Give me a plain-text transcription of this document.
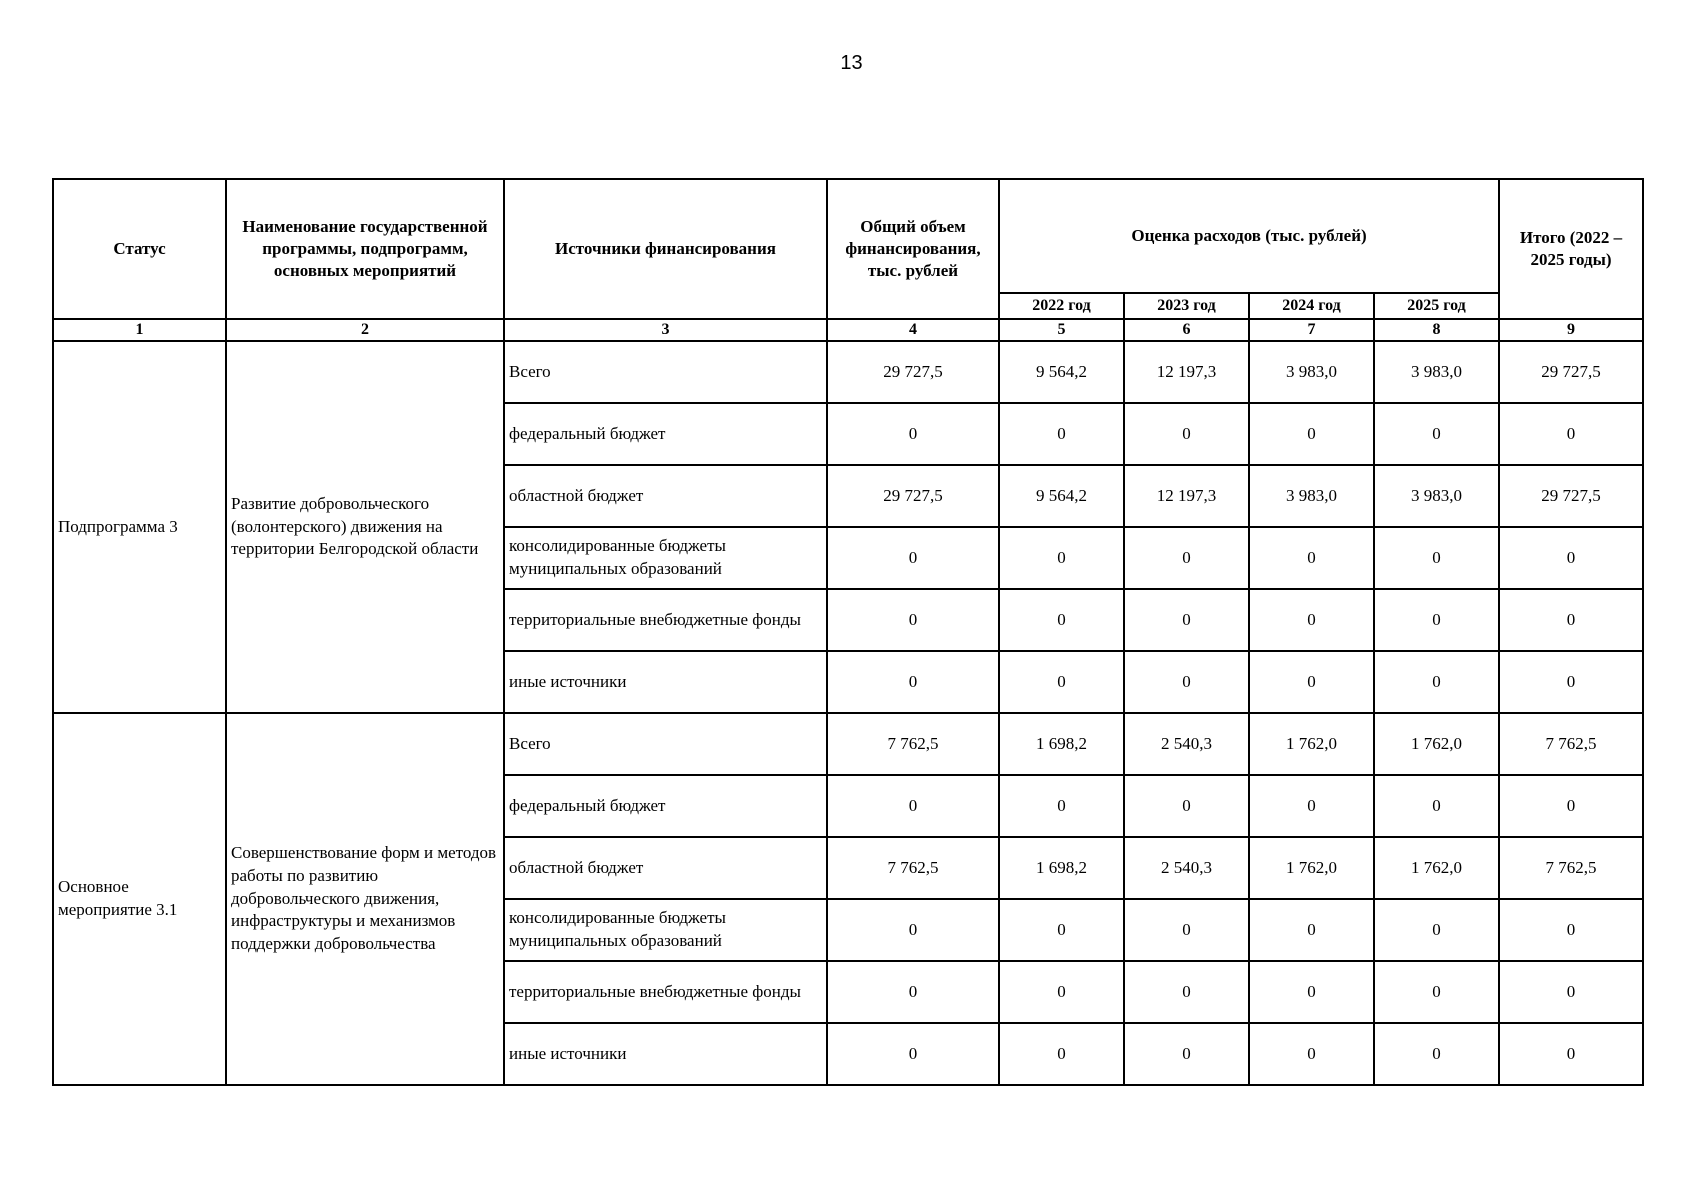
13
Статус	Наименование государственной программы, подпрограмм, основных мероприятий	Источники финансирования	Общий объем финансирования, тыс. рублей	Оценка расходов (тыс. рублей)				Итого (2022 – 2025 годы)
				2022 год	2023 год	2024 год	2025 год	
1	2	3	4	5	6	7	8	9
Подпрограмма 3	Развитие добровольческого (волонтерского) движения на территории Белгородской области	Всего	29 727,5	9 564,2	12 197,3	3 983,0	3 983,0	29 727,5
		федеральный бюджет	0	0	0	0	0	0
		областной бюджет	29 727,5	9 564,2	12 197,3	3 983,0	3 983,0	29 727,5
		консолидированные бюджеты муниципальных образований	0	0	0	0	0	0
		территориальные внебюджетные фонды	0	0	0	0	0	0
		иные источники	0	0	0	0	0	0
Основное мероприятие 3.1	Совершенствование форм и методов работы по развитию добровольческого движения, инфраструктуры и механизмов поддержки добровольчества	Всего	7 762,5	1 698,2	2 540,3	1 762,0	1 762,0	7 762,5
		федеральный бюджет	0	0	0	0	0	0
		областной бюджет	7 762,5	1 698,2	2 540,3	1 762,0	1 762,0	7 762,5
		консолидированные бюджеты муниципальных образований	0	0	0	0	0	0
		территориальные внебюджетные фонды	0	0	0	0	0	0
		иные источники	0	0	0	0	0	0
